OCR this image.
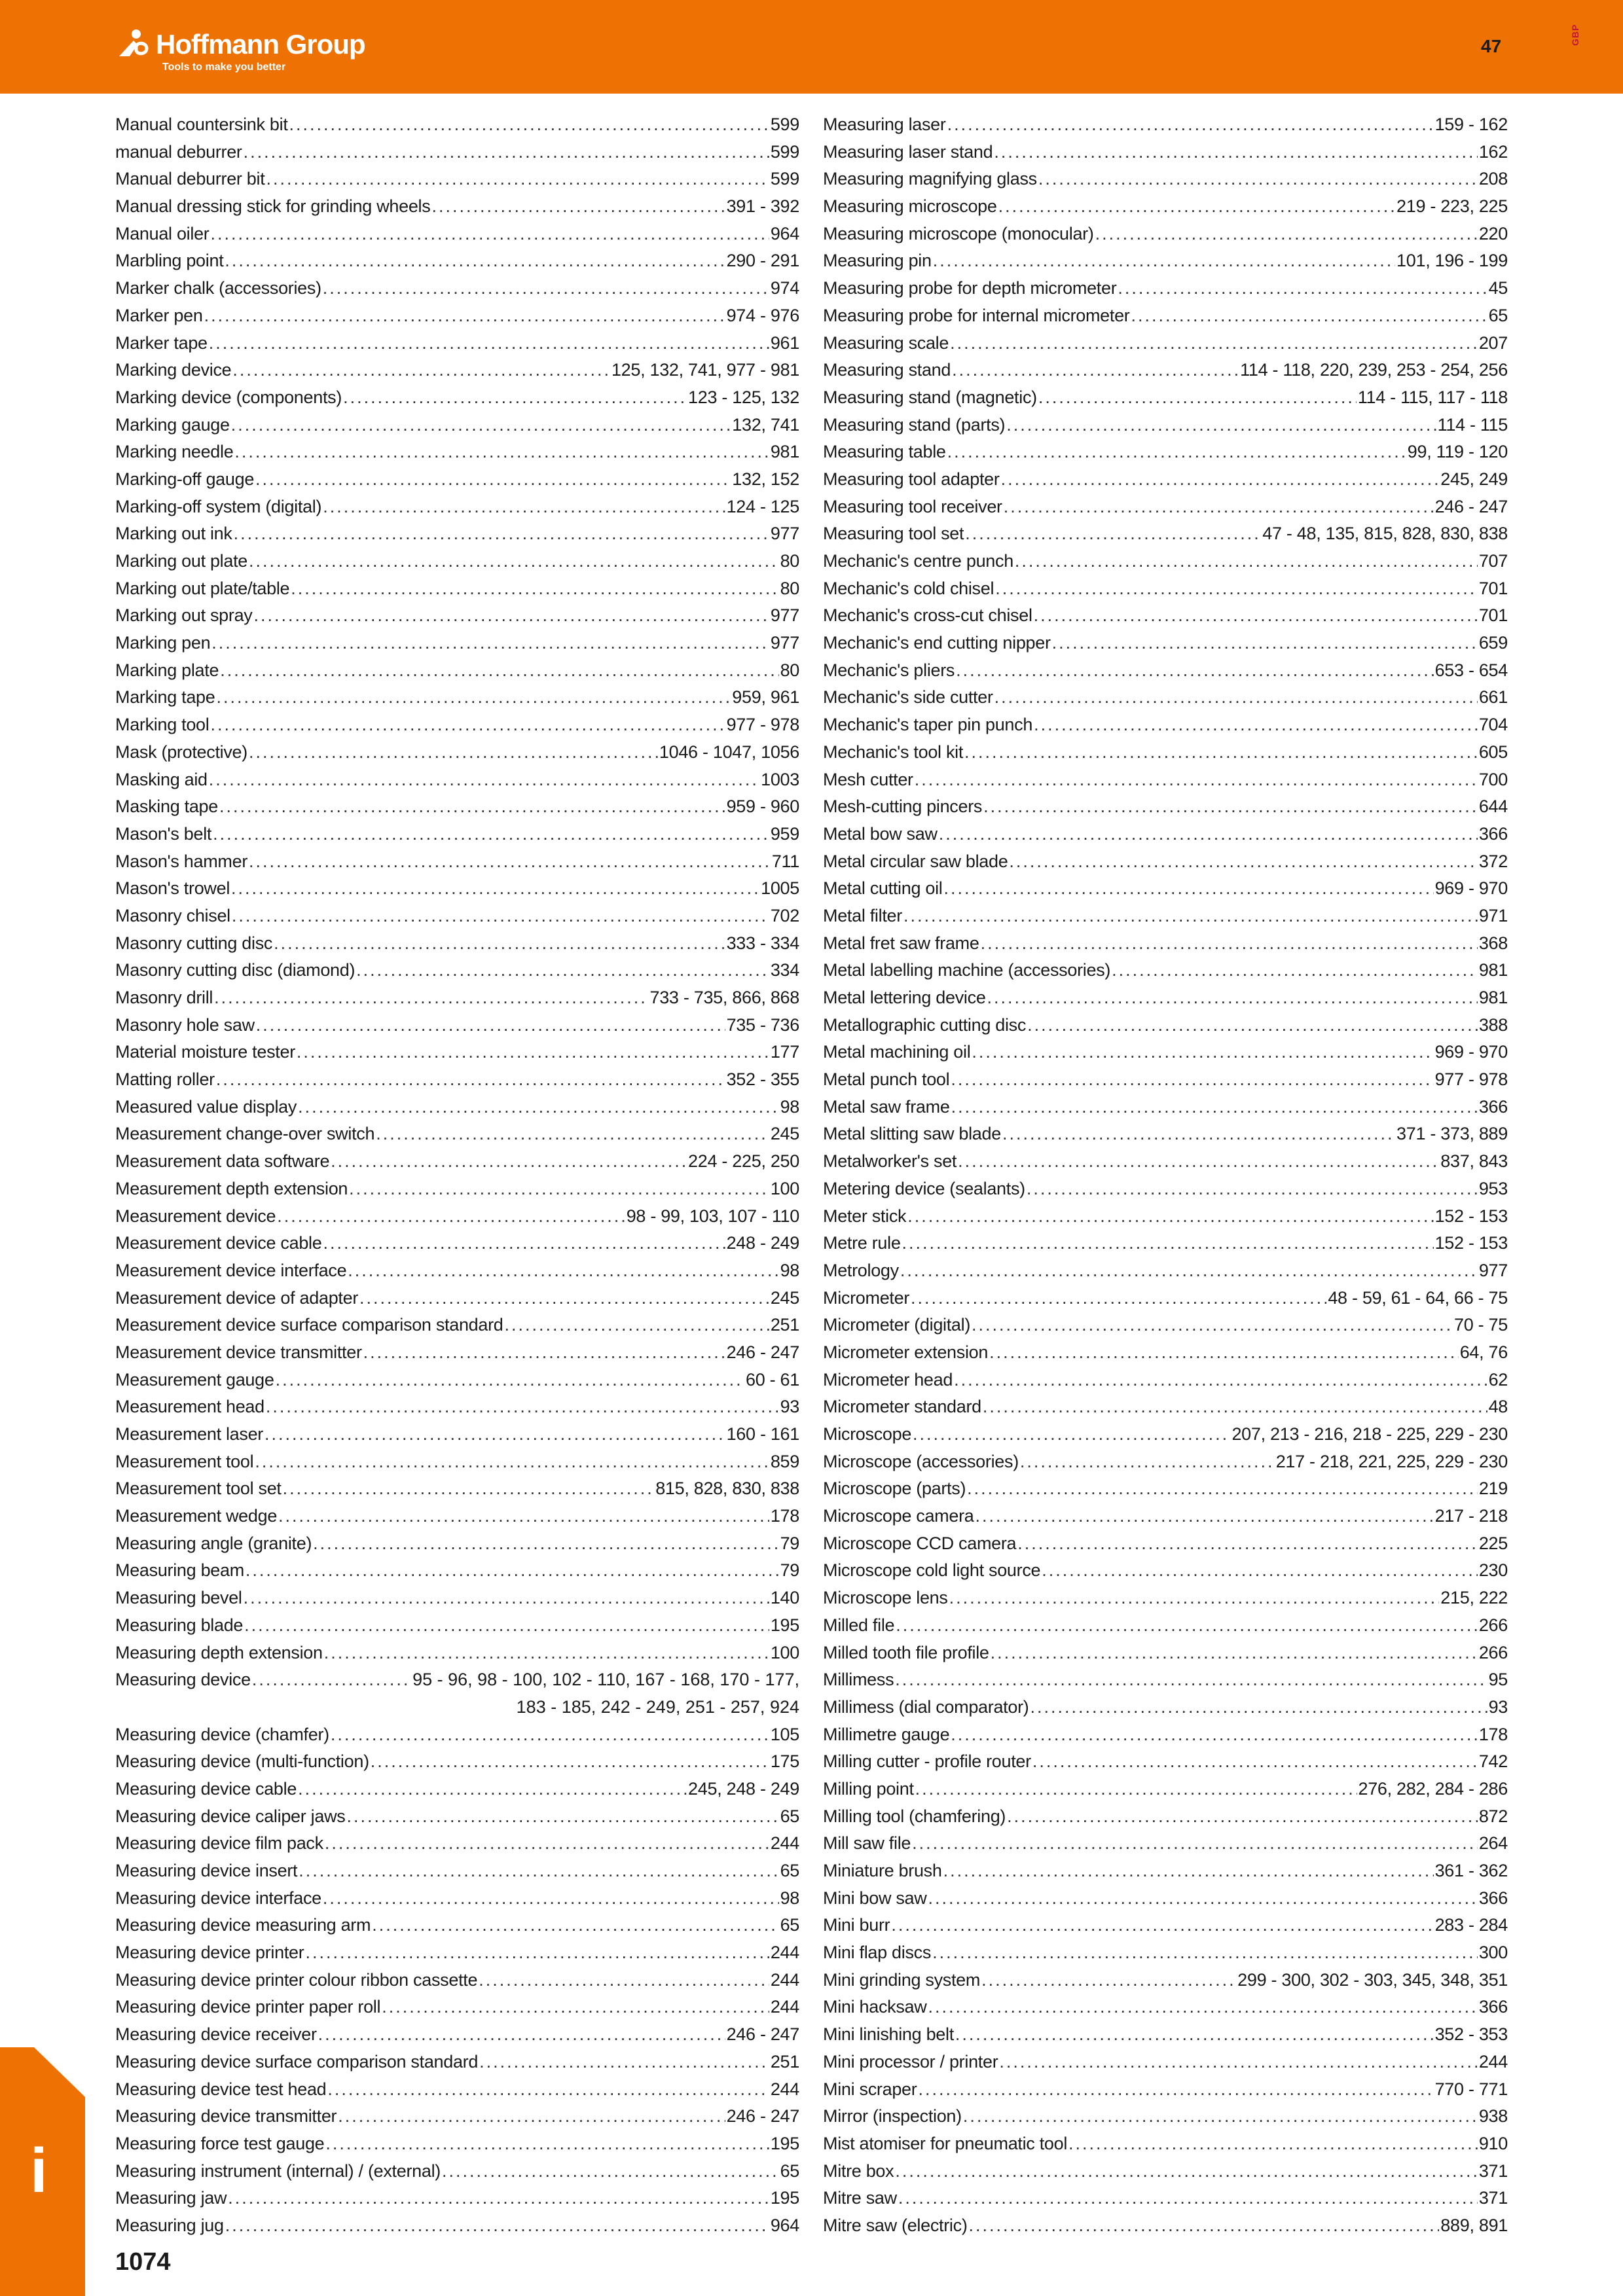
Hoffmann Group
Tools to make you better
47
GBP
Manual countersink bit .....	599
manual deburrer .....	599
Manual deburrer bit .....	599
Manual dressing stick for grinding wheels .....	391 - 392
Manual oiler .....	964
Marbling point .....	290 - 291
Marker chalk (accessories) .....	974
Marker pen .....	974 - 976
Marker tape .....	961
Marking device .....	125, 132, 741, 977 - 981
Marking device (components) .....	123 - 125, 132
Marking gauge .....	132, 741
Marking needle .....	981
Marking-off gauge .....	132, 152
Marking-off system (digital) .....	124 - 125
Marking out ink .....	977
Marking out plate .....	80
Marking out plate/table .....	80
Marking out spray .....	977
Marking pen .....	977
Marking plate .....	80
Marking tape .....	959, 961
Marking tool .....	977 - 978
Mask (protective) .....	1046 - 1047, 1056
Masking aid .....	1003
Masking tape .....	959 - 960
Mason's belt .....	959
Mason's hammer .....	711
Mason's trowel .....	1005
Masonry chisel .....	702
Masonry cutting disc .....	333 - 334
Masonry cutting disc (diamond) .....	334
Masonry drill .....	733 - 735, 866, 868
Masonry hole saw .....	735 - 736
Material moisture tester .....	177
Matting roller .....	352 - 355
Measured value display .....	98
Measurement change-over switch .....	245
Measurement data software .....	224 - 225, 250
Measurement depth extension .....	100
Measurement device .....	98 - 99, 103, 107 - 110
Measurement device cable .....	248 - 249
Measurement device interface .....	98
Measurement device of adapter .....	245
Measurement device surface comparison standard .....	251
Measurement device transmitter .....	246 - 247
Measurement gauge .....	60 - 61
Measurement head .....	93
Measurement laser .....	160 - 161
Measurement tool .....	859
Measurement tool set .....	815, 828, 830, 838
Measurement wedge .....	178
Measuring angle (granite) .....	79
Measuring beam .....	79
Measuring bevel .....	140
Measuring blade .....	195
Measuring depth extension .....	100
Measuring device .....	95 - 96, 98 - 100, 102 - 110, 167 - 168, 170 - 177,
183 - 185, 242 - 249, 251 - 257, 924
Measuring device (chamfer) .....	105
Measuring device (multi-function) .....	175
Measuring device cable .....	245, 248 - 249
Measuring device caliper jaws .....	65
Measuring device film pack .....	244
Measuring device insert .....	65
Measuring device interface .....	98
Measuring device measuring arm .....	65
Measuring device printer .....	244
Measuring device printer colour ribbon cassette .....	244
Measuring device printer paper roll .....	244
Measuring device receiver .....	246 - 247
Measuring device surface comparison standard .....	251
Measuring device test head .....	244
Measuring device transmitter .....	246 - 247
Measuring force test gauge .....	195
Measuring instrument (internal) / (external) .....	65
Measuring jaw .....	195
Measuring jug .....	964
Measuring laser .....	159 - 162
Measuring laser stand .....	162
Measuring magnifying glass .....	208
Measuring microscope .....	219 - 223, 225
Measuring microscope (monocular) .....	220
Measuring pin .....	101, 196 - 199
Measuring probe for depth micrometer .....	45
Measuring probe for internal micrometer .....	65
Measuring scale .....	207
Measuring stand .....	114 - 118, 220, 239, 253 - 254, 256
Measuring stand (magnetic) .....	114 - 115, 117 - 118
Measuring stand (parts) .....	114 - 115
Measuring table .....	99, 119 - 120
Measuring tool adapter .....	245, 249
Measuring tool receiver .....	246 - 247
Measuring tool set .....	47 - 48, 135, 815, 828, 830, 838
Mechanic's centre punch .....	707
Mechanic's cold chisel .....	701
Mechanic's cross-cut chisel .....	701
Mechanic's end cutting nipper .....	659
Mechanic's pliers .....	653 - 654
Mechanic's side cutter .....	661
Mechanic's taper pin punch .....	704
Mechanic's tool kit .....	605
Mesh cutter .....	700
Mesh-cutting pincers .....	644
Metal bow saw .....	366
Metal circular saw blade .....	372
Metal cutting oil .....	969 - 970
Metal filter .....	971
Metal fret saw frame .....	368
Metal labelling machine (accessories) .....	981
Metal lettering device .....	981
Metallographic cutting disc .....	388
Metal machining oil .....	969 - 970
Metal punch tool .....	977 - 978
Metal saw frame .....	366
Metal slitting saw blade .....	371 - 373, 889
Metalworker's set .....	837, 843
Metering device (sealants) .....	953
Meter stick .....	152 - 153
Metre rule .....	152 - 153
Metrology .....	977
Micrometer .....	48 - 59, 61 - 64, 66 - 75
Micrometer (digital) .....	70 - 75
Micrometer extension .....	64, 76
Micrometer head .....	62
Micrometer standard .....	48
Microscope .....	207, 213 - 216, 218 - 225, 229 - 230
Microscope (accessories) .....	217 - 218, 221, 225, 229 - 230
Microscope (parts) .....	219
Microscope camera .....	217 - 218
Microscope CCD camera .....	225
Microscope cold light source .....	230
Microscope lens .....	215, 222
Milled file .....	266
Milled tooth file profile .....	266
Millimess .....	95
Millimess (dial comparator) .....	93
Millimetre gauge .....	178
Milling cutter - profile router .....	742
Milling point .....	276, 282, 284 - 286
Milling tool (chamfering) .....	872
Mill saw file .....	264
Miniature brush .....	361 - 362
Mini bow saw .....	366
Mini burr .....	283 - 284
Mini flap discs .....	300
Mini grinding system .....	299 - 300, 302 - 303, 345, 348, 351
Mini hacksaw .....	366
Mini linishing belt .....	352 - 353
Mini processor / printer .....	244
Mini scraper .....	770 - 771
Mirror (inspection) .....	938
Mist atomiser for pneumatic tool .....	910
Mitre box .....	371
Mitre saw .....	371
Mitre saw (electric) .....	889, 891
i
1074
